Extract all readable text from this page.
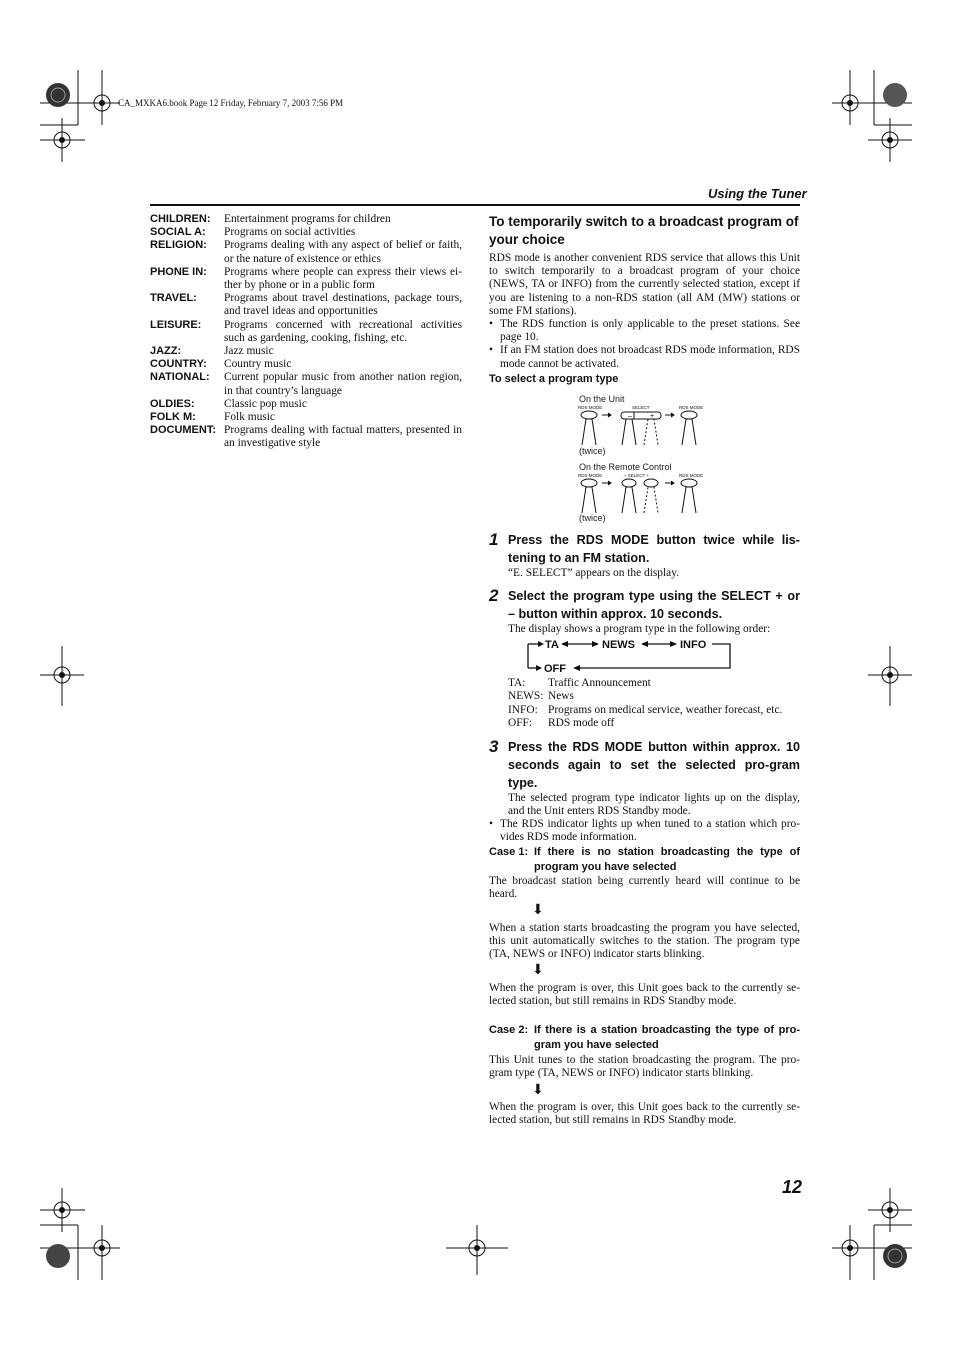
CA_MXKA6.book Page 12 Friday, February 7, 2003 7:56 PM
Using the Tuner
CHILDREN:	Entertainment programs for children
SOCIAL A:	Programs on social activities
RELIGION:	Programs dealing with any aspect of belief or faith, or the nature of existence or ethics
PHONE IN:	Programs where people can express their views ei-ther by phone or in a public form
TRAVEL:	Programs about travel destinations, package tours, and travel ideas and opportunities
LEISURE:	Programs concerned with recreational activities such as gardening, cooking, fishing, etc.
JAZZ:	Jazz music
COUNTRY:	Country music
NATIONAL:	Current popular music from another nation region, in that country’s language
OLDIES:	Classic pop music
FOLK M:	Folk music
DOCUMENT: Programs dealing with factual matters, presented in an investigative style
To temporarily switch to a broadcast program of your choice
RDS mode is another convenient RDS service that allows this Unit to switch temporarily to a broadcast program of your choice (NEWS, TA or INFO) from the currently selected station, except if you are listening to a non-RDS station (all AM (MW) stations or some FM stations).
• The RDS function is only applicable to the preset stations. See page 10.
• If an FM station does not broadcast RDS mode information, RDS mode cannot be activated.
To select a program type
On the Unit
RDS MODE	SELECT	RDS MODE
–	+
(twice)
On the Remote Control
RDS MODE	– SELECT +	RDS MODE
(twice)
1 Press the RDS MODE button twice while lis-tening to an FM station.
“E. SELECT” appears on the display.
2 Select the program type using the SELECT + or – button within approx. 10 seconds.
The display shows a program type in the following order:
TA	NEWS	INFO
OFF
TA:	Traffic Announcement
NEWS: News
INFO: Programs on medical service, weather forecast, etc.
OFF:	RDS mode off
3 Press the RDS MODE button within approx. 10 seconds again to set the selected pro-gram type.
The selected program type indicator lights up on the display, and the Unit enters RDS Standby mode.
• The RDS indicator lights up when tuned to a station which pro-vides RDS mode information.
Case 1: If there is no station broadcasting the type of program you have selected
The broadcast station being currently heard will continue to be heard.
⬇
When a station starts broadcasting the program you have selected, this unit automatically switches to the station. The program type (TA, NEWS or INFO) indicator starts blinking.
⬇
When the program is over, this Unit goes back to the currently se-lected station, but still remains in RDS Standby mode.
Case 2: If there is a station broadcasting the type of pro-gram you have selected
This Unit tunes to the station broadcasting the program. The pro-gram type (TA, NEWS or INFO) indicator starts blinking.
⬇
When the program is over, this Unit goes back to the currently se-lected station, but still remains in RDS Standby mode.
12
